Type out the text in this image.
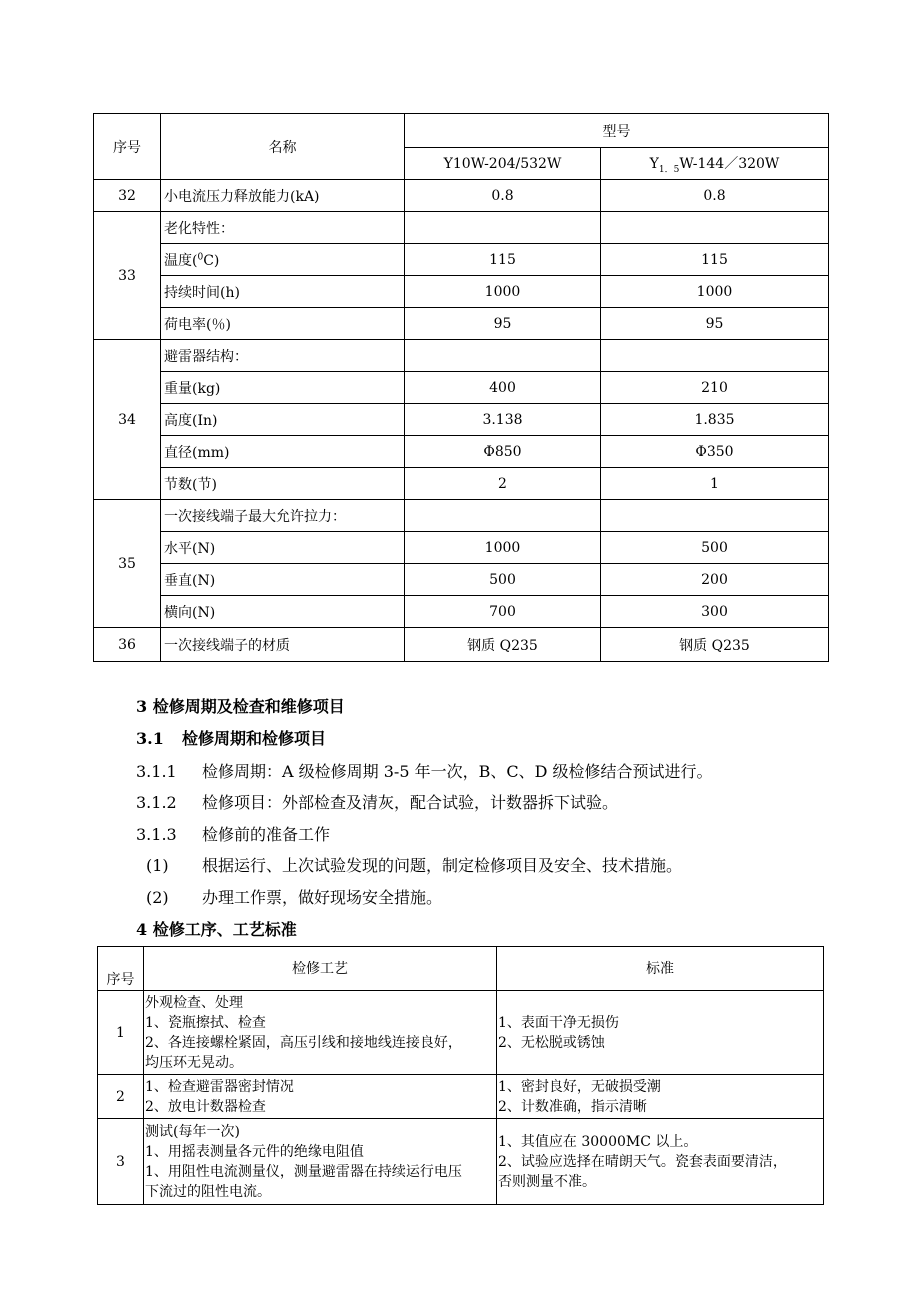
序号	名称	型号	
		Y10W-204/532W	$Y_{1.5}W-144/320W$
32	小电流压力释放能力(kA)	0.8	0.8
33	老化特性：		
	温度($^0$C)	115	115
	持续时间(h)	1000	1000
	荷电率(％)	95	95
34	避雷器结构：		
	重量(kg)	400	210
	高度(In)	3.138	1.835
	直径(mm)	Φ850	Φ350
	节数(节)	2	1
35	一次接线端子最大允许拉力：		
	水平(N)	1000	500
	垂直(N)	500	200
	横向(N)	700	300
36	一次接线端子的材质	钢质 Q235	钢质 Q235

3 检修周期及检查和维修项目

3.1 检修周期和检修项目

3.1.1 检修周期：A 级检修周期 3-5 年一次，B、C、D 级检修结合预试进行。

3.1.2 检修项目：外部检查及清灰，配合试验，计数器拆下试验。

3.1.3 检修前的准备工作

(1) 根据运行、上次试验发现的问题，制定检修项目及安全、技术措施。

(2) 办理工作票，做好现场安全措施。

4 检修工序、工艺标准

序号	检修工艺	标准
1	外观检查、处理
1、瓷瓶擦拭、检查
2、各连接螺栓紧固，高压引线和接地线连接良好，
均压环无晃动。	1、表面干净无损伤
2、无松脱或锈蚀

2	1、检查避雷器密封情况
2、放电计数器检查	1、密封良好，无破损受潮
2、计数准确，指示清晰

3	测试(每年一次)
1、用摇表测量各元件的绝缘电阻值
1、用阻性电流测量仪，测量避雷器在持续运行电压
下流过的阻性电流。	1、其值应在 30000MC 以上。
2、试验应选择在晴朗天气。瓷套表面要清洁，
否则测量不准。
